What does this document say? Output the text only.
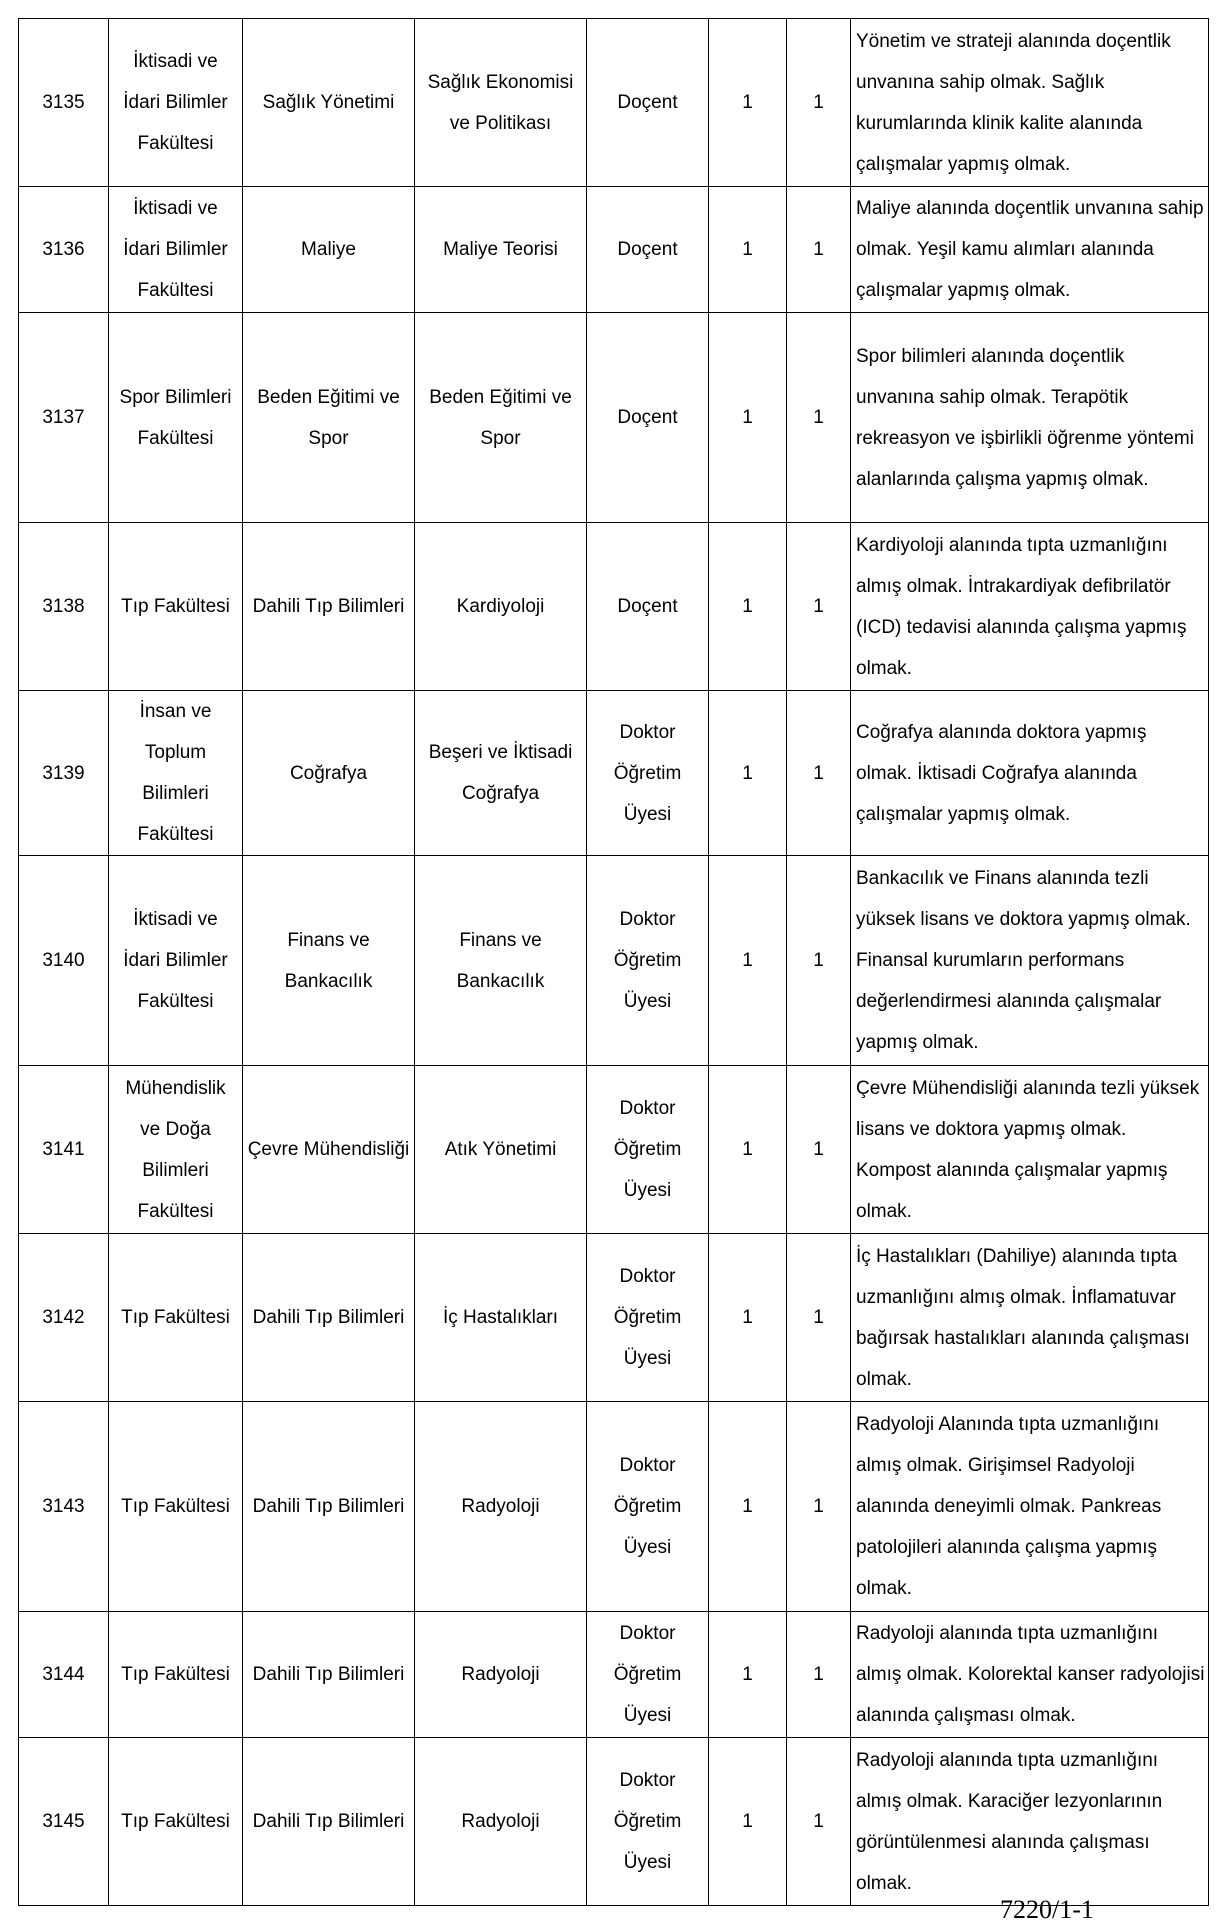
3135	İktisadi ve İdari Bilimler Fakültesi	Sağlık Yönetimi	Sağlık Ekonomisi ve Politikası	Doçent	1	1	Yönetim ve strateji alanında doçentlik unvanına sahip olmak. Sağlık kurumlarında klinik kalite alanında çalışmalar yapmış olmak.
3136	İktisadi ve İdari Bilimler Fakültesi	Maliye	Maliye Teorisi	Doçent	1	1	Maliye alanında doçentlik unvanına sahip olmak. Yeşil kamu alımları alanında çalışmalar yapmış olmak.
3137	Spor Bilimleri Fakültesi	Beden Eğitimi ve Spor	Beden Eğitimi ve Spor	Doçent	1	1	Spor bilimleri alanında doçentlik unvanına sahip olmak. Terapötik rekreasyon ve işbirlikli öğrenme yöntemi alanlarında çalışma yapmış olmak.
3138	Tıp Fakültesi	Dahili Tıp Bilimleri	Kardiyoloji	Doçent	1	1	Kardiyoloji alanında tıpta uzmanlığını almış olmak. İntrakardiyak defibrilatör (ICD) tedavisi alanında çalışma yapmış olmak.
3139	İnsan ve Toplum Bilimleri Fakültesi	Coğrafya	Beşeri ve İktisadi Coğrafya	Doktor Öğretim Üyesi	1	1	Coğrafya alanında doktora yapmış olmak. İktisadi Coğrafya alanında çalışmalar yapmış olmak.
3140	İktisadi ve İdari Bilimler Fakültesi	Finans ve Bankacılık	Finans ve Bankacılık	Doktor Öğretim Üyesi	1	1	Bankacılık ve Finans alanında tezli yüksek lisans ve doktora yapmış olmak. Finansal kurumların performans değerlendirmesi alanında çalışmalar yapmış olmak.
3141	Mühendislik ve Doğa Bilimleri Fakültesi	Çevre Mühendisliği	Atık Yönetimi	Doktor Öğretim Üyesi	1	1	Çevre Mühendisliği alanında tezli yüksek lisans ve doktora yapmış olmak. Kompost alanında çalışmalar yapmış olmak.
3142	Tıp Fakültesi	Dahili Tıp Bilimleri	İç Hastalıkları	Doktor Öğretim Üyesi	1	1	İç Hastalıkları (Dahiliye) alanında tıpta uzmanlığını almış olmak. İnflamatuvar bağırsak hastalıkları alanında çalışması olmak.
3143	Tıp Fakültesi	Dahili Tıp Bilimleri	Radyoloji	Doktor Öğretim Üyesi	1	1	Radyoloji Alanında tıpta uzmanlığını almış olmak. Girişimsel Radyoloji alanında deneyimli olmak. Pankreas patolojileri alanında çalışma yapmış olmak.
3144	Tıp Fakültesi	Dahili Tıp Bilimleri	Radyoloji	Doktor Öğretim Üyesi	1	1	Radyoloji alanında tıpta uzmanlığını almış olmak. Kolorektal kanser radyolojisi alanında çalışması olmak.
3145	Tıp Fakültesi	Dahili Tıp Bilimleri	Radyoloji	Doktor Öğretim Üyesi	1	1	Radyoloji alanında tıpta uzmanlığını almış olmak. Karaciğer lezyonlarının görüntülenmesi alanında çalışması olmak.
7220/1-1
